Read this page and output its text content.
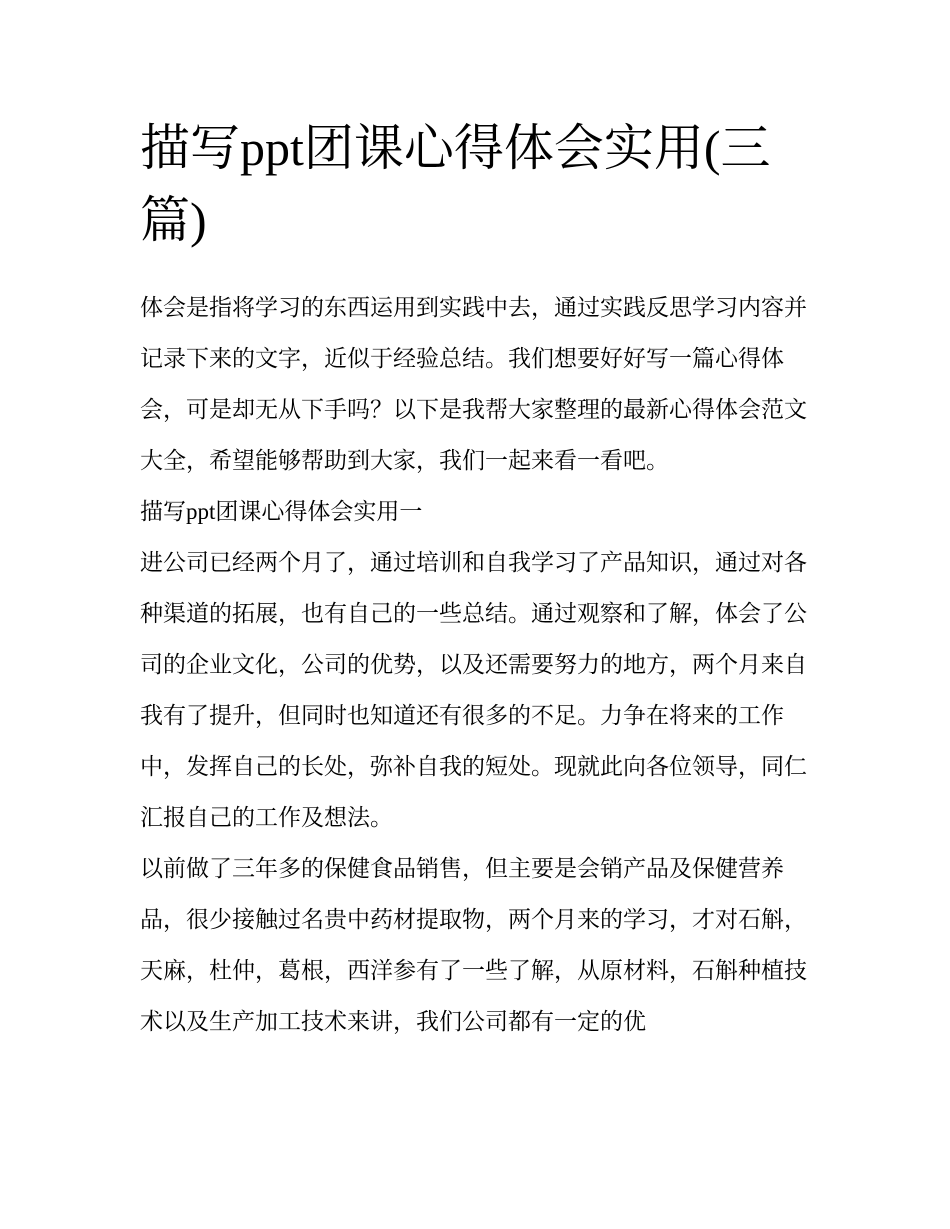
描写ppt团课心得体会实用(三篇)

体会是指将学习的东西运用到实践中去，通过实践反思学习内容并记录下来的文字，近似于经验总结。我们想要好好写一篇心得体会，可是却无从下手吗？以下是我帮大家整理的最新心得体会范文大全，希望能够帮助到大家，我们一起来看一看吧。

描写ppt团课心得体会实用一

进公司已经两个月了，通过培训和自我学习了产品知识，通过对各种渠道的拓展，也有自己的一些总结。通过观察和了解，体会了公司的企业文化，公司的优势，以及还需要努力的地方，两个月来自我有了提升，但同时也知道还有很多的不足。力争在将来的工作中，发挥自己的长处，弥补自我的短处。现就此向各位领导，同仁汇报自己的工作及想法。

以前做了三年多的保健食品销售，但主要是会销产品及保健营养品，很少接触过名贵中药材提取物，两个月来的学习，才对石斛，天麻，杜仲，葛根，西洋参有了一些了解，从原材料，石斛种植技术以及生产加工技术来讲，我们公司都有一定的优
